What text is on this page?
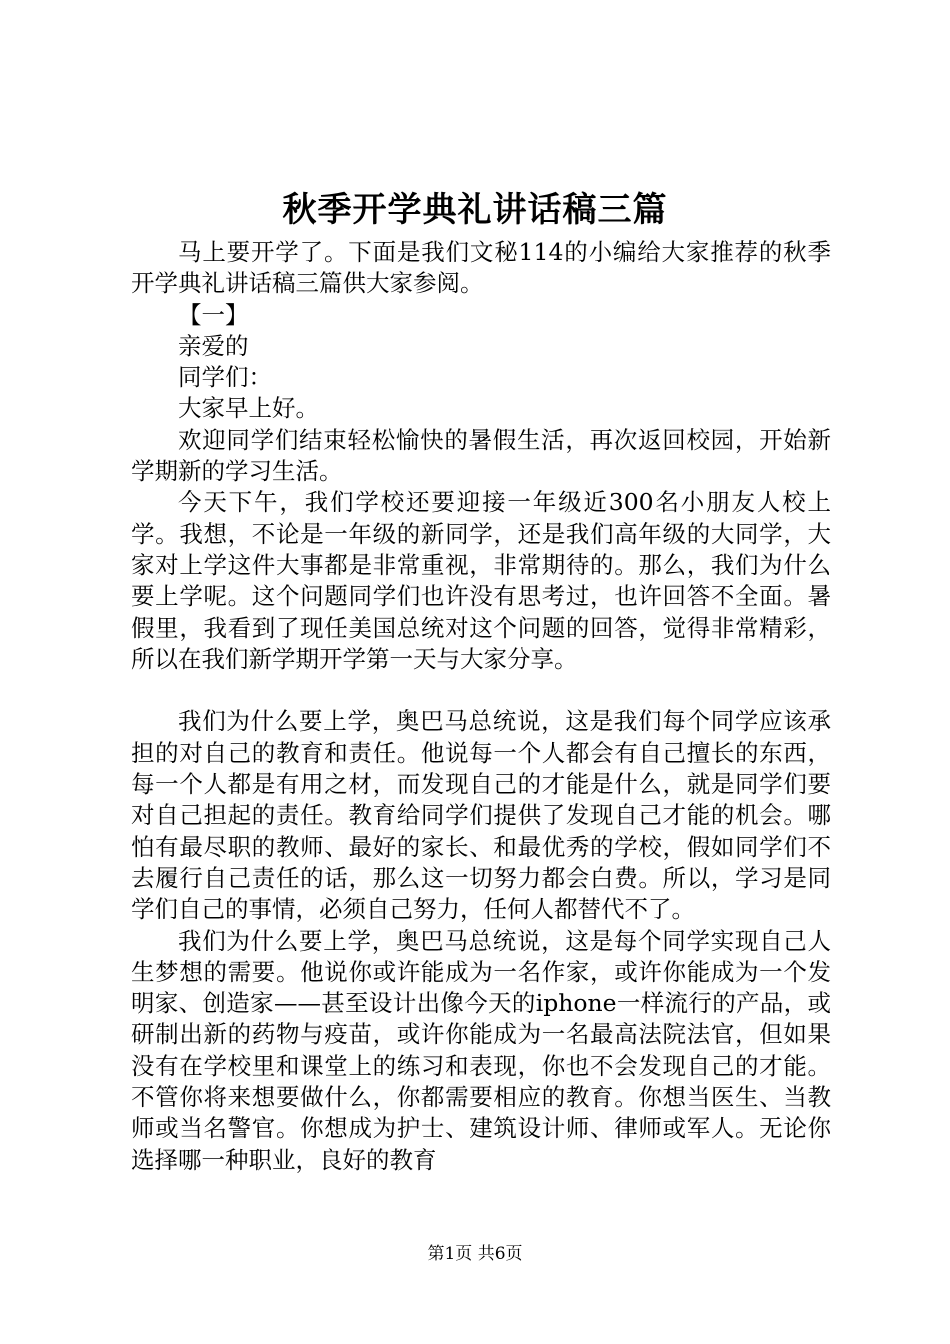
秋季开学典礼讲话稿三篇

马上要开学了。下面是我们文秘114的小编给大家推荐的秋季开学典礼讲话稿三篇供大家参阅。

【一】

亲爱的

同学们：

大家早上好。

欢迎同学们结束轻松愉快的暑假生活，再次返回校园，开始新学期新的学习生活。

今天下午，我们学校还要迎接一年级近300名小朋友人校上学。我想，不论是一年级的新同学，还是我们高年级的大同学，大家对上学这件大事都是非常重视，非常期待的。那么，我们为什么要上学呢。这个问题同学们也许没有思考过，也许回答不全面。暑假里，我看到了现任美国总统对这个问题的回答，觉得非常精彩，所以在我们新学期开学第一天与大家分享。

我们为什么要上学，奥巴马总统说，这是我们每个同学应该承担的对自己的教育和责任。他说每一个人都会有自己擅长的东西，每一个人都是有用之材，而发现自己的才能是什么，就是同学们要对自己担起的责任。教育给同学们提供了发现自己才能的机会。哪怕有最尽职的教师、最好的家长、和最优秀的学校，假如同学们不去履行自己责任的话，那么这一切努力都会白费。所以，学习是同学们自己的事情，必须自己努力，任何人都替代不了。

我们为什么要上学，奥巴马总统说，这是每个同学实现自己人生梦想的需要。他说你或许能成为一名作家，或许你能成为一个发明家、创造家——甚至设计出像今天的iphone一样流行的产品，或研制出新的药物与疫苗，或许你能成为一名最高法院法官，但如果没有在学校里和课堂上的练习和表现，你也不会发现自己的才能。不管你将来想要做什么，你都需要相应的教育。你想当医生、当教师或当名警官。你想成为护士、建筑设计师、律师或军人。无论你选择哪一种职业，良好的教育

第1页 共6页
